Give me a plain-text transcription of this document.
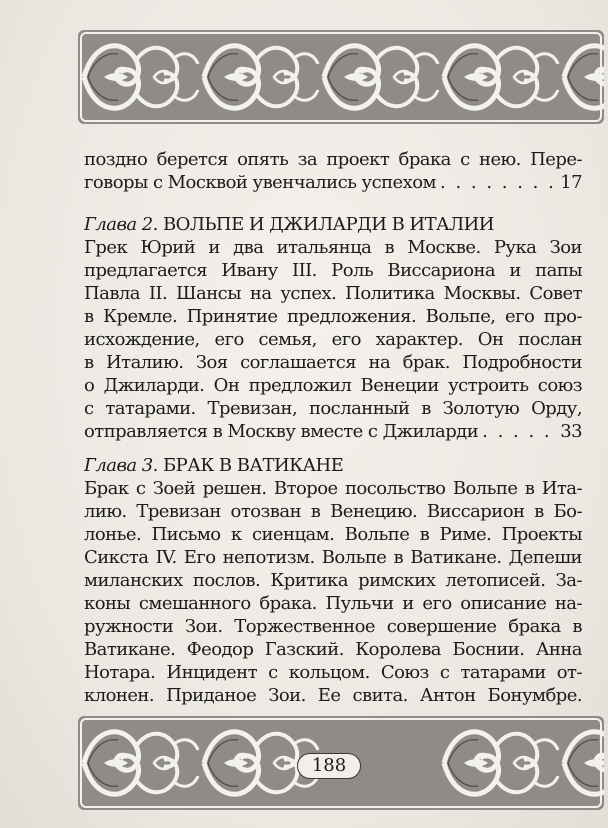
поздно берется опять за проект брака с нею. Пере-
говоры с Москвой увенчались успехом . . .	17
Глава 2. ВОЛЬПЕ И ДЖИЛАРДИ В ИТАЛИИ
Грек Юрий и два итальянца в Москве. Рука Зои
предлагается Ивану III. Роль Виссариона и папы
Павла II. Шансы на успех. Политика Москвы. Совет
в Кремле. Принятие предложения. Вольпе, его про-
исхождение, его семья, его характер. Он послан
в Италию. Зоя соглашается на брак. Подробности
о Джиларди. Он предложил Венеции устроить союз
с татарами. Тревизан, посланный в Золотую Орду,
отправляется в Москву вместе с Джиларди . . .	33
Глава 3. БРАК В ВАТИКАНЕ
Брак с Зоей решен. Второе посольство Вольпе в Ита-
лию. Тревизан отозван в Венецию. Виссарион в Бо-
лонье. Письмо к сиенцам. Вольпе в Риме. Проекты
Сикста IV. Его непотизм. Вольпе в Ватикане. Депеши
миланских послов. Критика римских летописей. За-
коны смешанного брака. Пульчи и его описание на-
ружности Зои. Торжественное совершение брака в
Ватикане. Феодор Газский. Королева Боснии. Анна
Нотара. Инцидент с кольцом. Союз с татарами от-
клонен. Приданое Зои. Ее свита. Антон Бонумбре.
188
